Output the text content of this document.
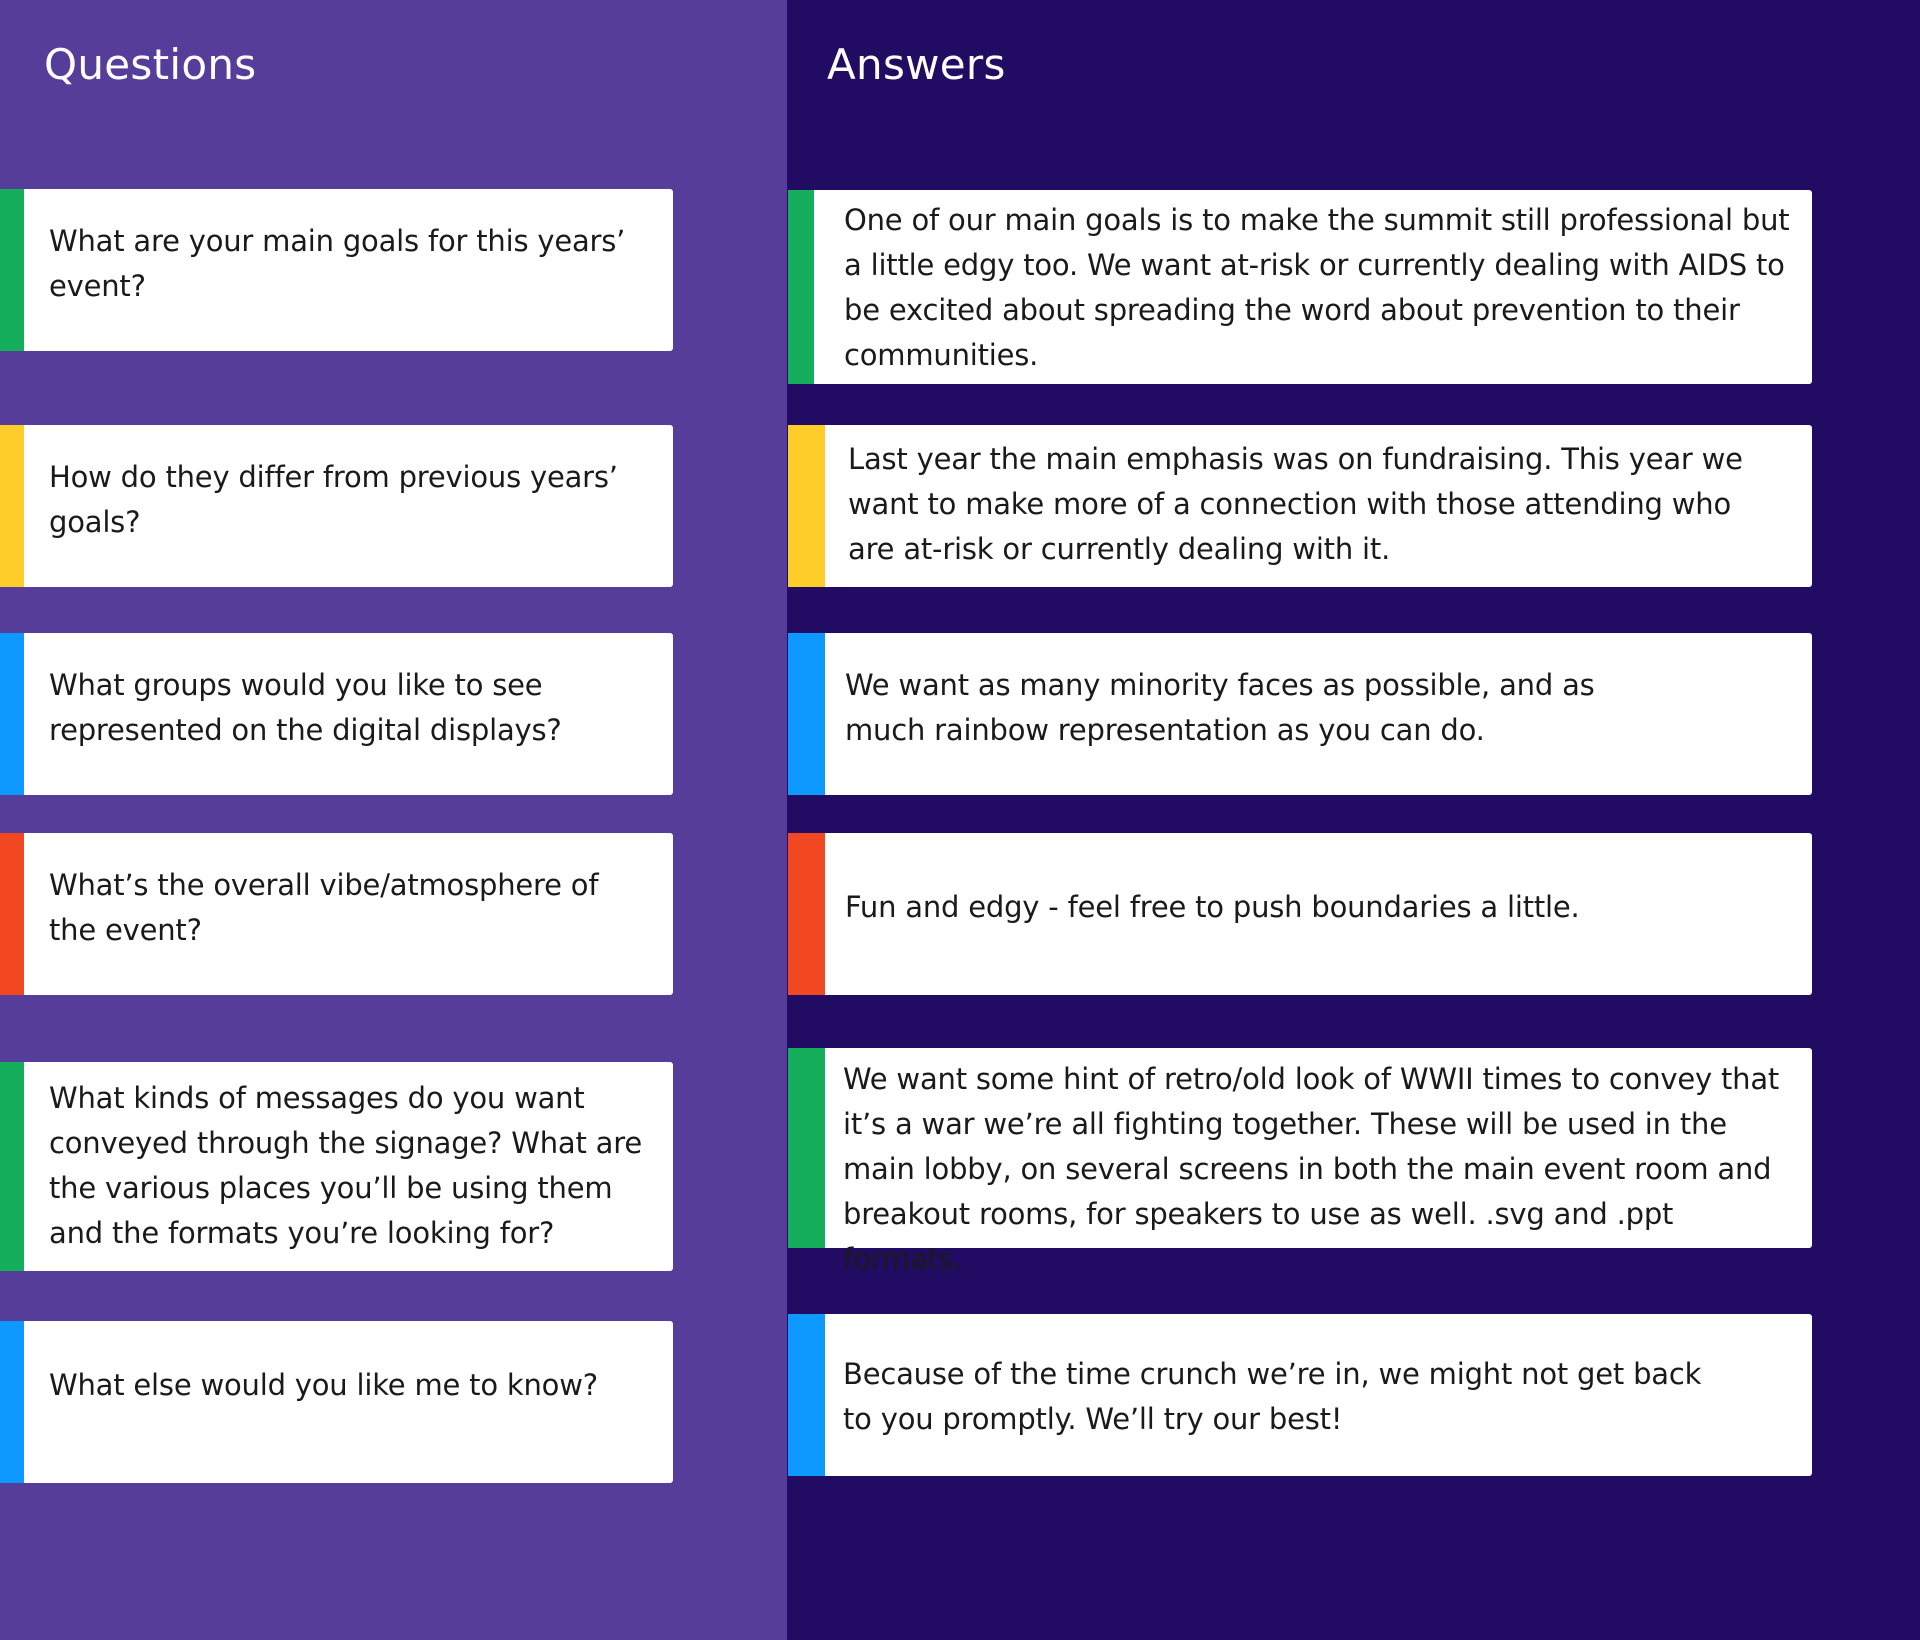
Questions	Answers
What are your main goals for this years’ event?
How do they differ from previous years’ goals?
What groups would you like to see represented on the digital displays?
What’s the overall vibe/atmosphere of the event?
What kinds of messages do you want conveyed through the signage? What are the various places you’ll be using them and the formats you’re looking for?
What else would you like me to know?
One of our main goals is to make the summit still professional but a little edgy too. We want at-risk or currently dealing with AIDS to be excited about spreading the word about prevention to their communities.
Last year the main emphasis was on fundraising. This year we want to make more of a connection with those attending who are at-risk or currently dealing with it.
We want as many minority faces as possible, and as much rainbow representation as you can do.
Fun and edgy - feel free to push boundaries a little.
We want some hint of retro/old look of WWII times to convey that it’s a war we’re all fighting together. These will be used in the main lobby, on several screens in both the main event room and breakout rooms, for speakers to use as well. .svg and .ppt formats.
Because of the time crunch we’re in, we might not get back to you promptly. We’ll try our best!
